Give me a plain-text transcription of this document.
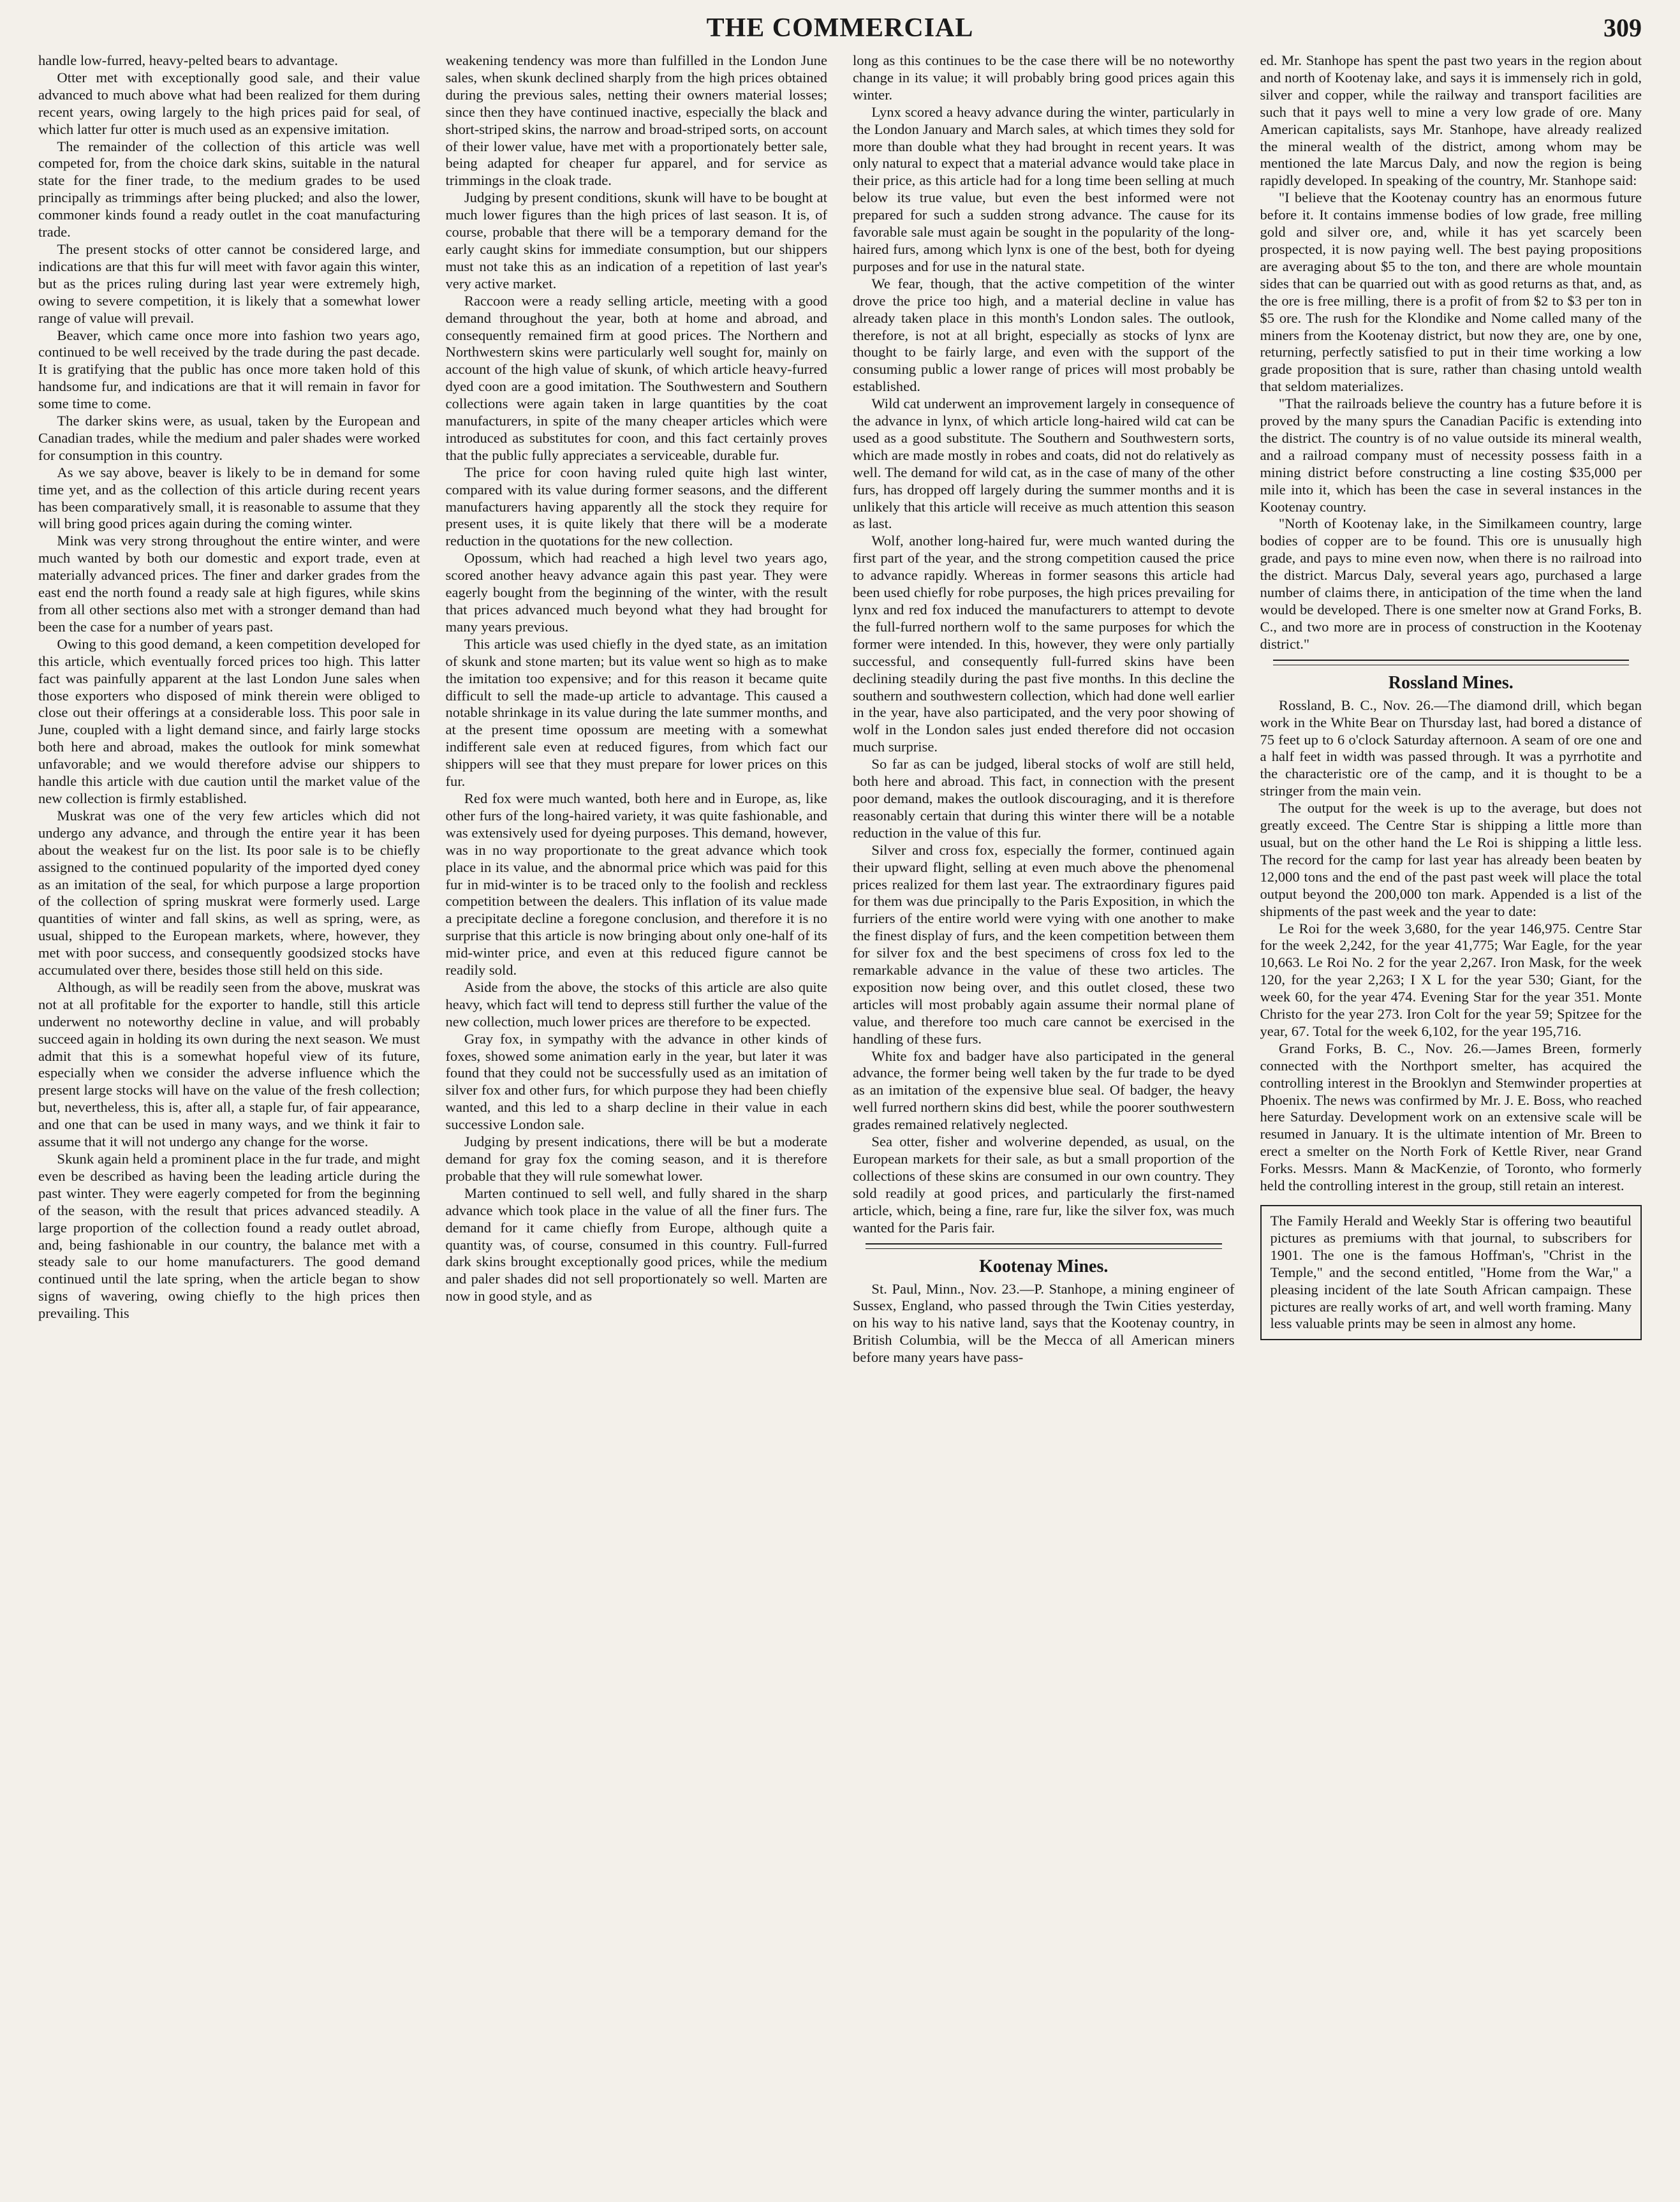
THE COMMERCIAL	309

handle low-furred, heavy-pelted bears to advantage.

Otter met with exceptionally good sale, and their value advanced to much above what had been realized for them during recent years, owing largely to the high prices paid for seal, of which latter fur otter is much used as an expensive imitation.

The remainder of the collection of this article was well competed for, from the choice dark skins, suitable in the natural state for the finer trade, to the medium grades to be used principally as trimmings after being plucked; and also the lower, commoner kinds found a ready outlet in the coat manufacturing trade.

The present stocks of otter cannot be considered large, and indications are that this fur will meet with favor again this winter, but as the prices ruling during last year were extremely high, owing to severe competition, it is likely that a somewhat lower range of value will prevail.

Beaver, which came once more into fashion two years ago, continued to be well received by the trade during the past decade. It is gratifying that the public has once more taken hold of this handsome fur, and indications are that it will remain in favor for some time to come.

The darker skins were, as usual, taken by the European and Canadian trades, while the medium and paler shades were worked for consumption in this country.

As we say above, beaver is likely to be in demand for some time yet, and as the collection of this article during recent years has been comparatively small, it is reasonable to assume that they will bring good prices again during the coming winter.

Mink was very strong throughout the entire winter, and were much wanted by both our domestic and export trade, even at materially advanced prices. The finer and darker grades from the east end the north found a ready sale at high figures, while skins from all other sections also met with a stronger demand than had been the case for a number of years past.

Owing to this good demand, a keen competition developed for this article, which eventually forced prices too high. This latter fact was painfully apparent at the last London June sales when those exporters who disposed of mink therein were obliged to close out their offerings at a considerable loss. This poor sale in June, coupled with a light demand since, and fairly large stocks both here and abroad, makes the outlook for mink somewhat unfavorable; and we would therefore advise our shippers to handle this article with due caution until the market value of the new collection is firmly established.

Muskrat was one of the very few articles which did not undergo any advance, and through the entire year it has been about the weakest fur on the list. Its poor sale is to be chiefly assigned to the continued popularity of the imported dyed coney as an imitation of the seal, for which purpose a large proportion of the collection of spring muskrat were formerly used. Large quantities of winter and fall skins, as well as spring, were, as usual, shipped to the European markets, where, however, they met with poor success, and consequently goodsized stocks have accumulated over there, besides those still held on this side.

Although, as will be readily seen from the above, muskrat was not at all profitable for the exporter to handle, still this article underwent no noteworthy decline in value, and will probably succeed again in holding its own during the next season. We must admit that this is a somewhat hopeful view of its future, especially when we consider the adverse influence which the present large stocks will have on the value of the fresh collection; but, nevertheless, this is, after all, a staple fur, of fair appearance, and one that can be used in many ways, and we think it fair to assume that it will not undergo any change for the worse.

Skunk again held a prominent place in the fur trade, and might even be described as having been the leading article during the past winter. They were eagerly competed for from the beginning of the season, with the result that prices advanced steadily. A large proportion of the collection found a ready outlet abroad, and, being fashionable in our country, the balance met with a steady sale to our home manufacturers. The good demand continued until the late spring, when the article began to show signs of wavering, owing chiefly to the high prices then prevailing. This

weakening tendency was more than fulfilled in the London June sales, when skunk declined sharply from the high prices obtained during the previous sales, netting their owners material losses; since then they have continued inactive, especially the black and short-striped skins, the narrow and broad-striped sorts, on account of their lower value, have met with a proportionately better sale, being adapted for cheaper fur apparel, and for service as trimmings in the cloak trade.

Judging by present conditions, skunk will have to be bought at much lower figures than the high prices of last season. It is, of course, probable that there will be a temporary demand for the early caught skins for immediate consumption, but our shippers must not take this as an indication of a repetition of last year's very active market.

Raccoon were a ready selling article, meeting with a good demand throughout the year, both at home and abroad, and consequently remained firm at good prices. The Northern and Northwestern skins were particularly well sought for, mainly on account of the high value of skunk, of which article heavy-furred dyed coon are a good imitation. The Southwestern and Southern collections were again taken in large quantities by the coat manufacturers, in spite of the many cheaper articles which were introduced as substitutes for coon, and this fact certainly proves that the public fully appreciates a serviceable, durable fur.

The price for coon having ruled quite high last winter, compared with its value during former seasons, and the different manufacturers having apparently all the stock they require for present uses, it is quite likely that there will be a moderate reduction in the quotations for the new collection.

Opossum, which had reached a high level two years ago, scored another heavy advance again this past year. They were eagerly bought from the beginning of the winter, with the result that prices advanced much beyond what they had brought for many years previous.

This article was used chiefly in the dyed state, as an imitation of skunk and stone marten; but its value went so high as to make the imitation too expensive; and for this reason it became quite difficult to sell the made-up article to advantage. This caused a notable shrinkage in its value during the late summer months, and at the present time opossum are meeting with a somewhat indifferent sale even at reduced figures, from which fact our shippers will see that they must prepare for lower prices on this fur.

Red fox were much wanted, both here and in Europe, as, like other furs of the long-haired variety, it was quite fashionable, and was extensively used for dyeing purposes. This demand, however, was in no way proportionate to the great advance which took place in its value, and the abnormal price which was paid for this fur in mid-winter is to be traced only to the foolish and reckless competition between the dealers. This inflation of its value made a precipitate decline a foregone conclusion, and therefore it is no surprise that this article is now bringing about only one-half of its mid-winter price, and even at this reduced figure cannot be readily sold.

Aside from the above, the stocks of this article are also quite heavy, which fact will tend to depress still further the value of the new collection, much lower prices are therefore to be expected.

Gray fox, in sympathy with the advance in other kinds of foxes, showed some animation early in the year, but later it was found that they could not be successfully used as an imitation of silver fox and other furs, for which purpose they had been chiefly wanted, and this led to a sharp decline in their value in each successive London sale.

Judging by present indications, there will be but a moderate demand for gray fox the coming season, and it is therefore probable that they will rule somewhat lower.

Marten continued to sell well, and fully shared in the sharp advance which took place in the value of all the finer furs. The demand for it came chiefly from Europe, although quite a quantity was, of course, consumed in this country. Full-furred dark skins brought exceptionally good prices, while the medium and paler shades did not sell proportionately so well. Marten are now in good style, and as

long as this continues to be the case there will be no noteworthy change in its value; it will probably bring good prices again this winter.

Lynx scored a heavy advance during the winter, particularly in the London January and March sales, at which times they sold for more than double what they had brought in recent years. It was only natural to expect that a material advance would take place in their price, as this article had for a long time been selling at much below its true value, but even the best informed were not prepared for such a sudden strong advance. The cause for its favorable sale must again be sought in the popularity of the long-haired furs, among which lynx is one of the best, both for dyeing purposes and for use in the natural state.

We fear, though, that the active competition of the winter drove the price too high, and a material decline in value has already taken place in this month's London sales. The outlook, therefore, is not at all bright, especially as stocks of lynx are thought to be fairly large, and even with the support of the consuming public a lower range of prices will most probably be established.

Wild cat underwent an improvement largely in consequence of the advance in lynx, of which article long-haired wild cat can be used as a good substitute. The Southern and Southwestern sorts, which are made mostly in robes and coats, did not do relatively as well. The demand for wild cat, as in the case of many of the other furs, has dropped off largely during the summer months and it is unlikely that this article will receive as much attention this season as last.

Wolf, another long-haired fur, were much wanted during the first part of the year, and the strong competition caused the price to advance rapidly. Whereas in former seasons this article had been used chiefly for robe purposes, the high prices prevailing for lynx and red fox induced the manufacturers to attempt to devote the full-furred northern wolf to the same purposes for which the former were intended. In this, however, they were only partially successful, and consequently full-furred skins have been declining steadily during the past five months. In this decline the southern and southwestern collection, which had done well earlier in the year, have also participated, and the very poor showing of wolf in the London sales just ended therefore did not occasion much surprise.

So far as can be judged, liberal stocks of wolf are still held, both here and abroad. This fact, in connection with the present poor demand, makes the outlook discouraging, and it is therefore reasonably certain that during this winter there will be a notable reduction in the value of this fur.

Silver and cross fox, especially the former, continued again their upward flight, selling at even much above the phenomenal prices realized for them last year. The extraordinary figures paid for them was due principally to the Paris Exposition, in which the furriers of the entire world were vying with one another to make the finest display of furs, and the keen competition between them for silver fox and the best specimens of cross fox led to the remarkable advance in the value of these two articles. The exposition now being over, and this outlet closed, these two articles will most probably again assume their normal plane of value, and therefore too much care cannot be exercised in the handling of these furs.

White fox and badger have also participated in the general advance, the former being well taken by the fur trade to be dyed as an imitation of the expensive blue seal. Of badger, the heavy well furred northern skins did best, while the poorer southwestern grades remained relatively neglected.

Sea otter, fisher and wolverine depended, as usual, on the European markets for their sale, as but a small proportion of the collections of these skins are consumed in our own country. They sold readily at good prices, and particularly the first-named article, which, being a fine, rare fur, like the silver fox, was much wanted for the Paris fair.

Kootenay Mines.

St. Paul, Minn., Nov. 23.—P. Stanhope, a mining engineer of Sussex, England, who passed through the Twin Cities yesterday, on his way to his native land, says that the Kootenay country, in British Columbia, will be the Mecca of all American miners before many years have pass-

ed. Mr. Stanhope has spent the past two years in the region about and north of Kootenay lake, and says it is immensely rich in gold, silver and copper, while the railway and transport facilities are such that it pays well to mine a very low grade of ore. Many American capitalists, says Mr. Stanhope, have already realized the mineral wealth of the district, among whom may be mentioned the late Marcus Daly, and now the region is being rapidly developed. In speaking of the country, Mr. Stanhope said:

"I believe that the Kootenay country has an enormous future before it. It contains immense bodies of low grade, free milling gold and silver ore, and, while it has yet scarcely been prospected, it is now paying well. The best paying propositions are averaging about $5 to the ton, and there are whole mountain sides that can be quarried out with as good returns as that, and, as the ore is free milling, there is a profit of from $2 to $3 per ton in $5 ore. The rush for the Klondike and Nome called many of the miners from the Kootenay district, but now they are, one by one, returning, perfectly satisfied to put in their time working a low grade proposition that is sure, rather than chasing untold wealth that seldom materializes.

"That the railroads believe the country has a future before it is proved by the many spurs the Canadian Pacific is extending into the district. The country is of no value outside its mineral wealth, and a railroad company must of necessity possess faith in a mining district before constructing a line costing $35,000 per mile into it, which has been the case in several instances in the Kootenay country.

"North of Kootenay lake, in the Similkameen country, large bodies of copper are to be found. This ore is unusually high grade, and pays to mine even now, when there is no railroad into the district. Marcus Daly, several years ago, purchased a large number of claims there, in anticipation of the time when the land would be developed. There is one smelter now at Grand Forks, B. C., and two more are in process of construction in the Kootenay district."

Rossland Mines.

Rossland, B. C., Nov. 26.—The diamond drill, which began work in the White Bear on Thursday last, had bored a distance of 75 feet up to 6 o'clock Saturday afternoon. A seam of ore one and a half feet in width was passed through. It was a pyrrhotite and the characteristic ore of the camp, and it is thought to be a stringer from the main vein.

The output for the week is up to the average, but does not greatly exceed. The Centre Star is shipping a little more than usual, but on the other hand the Le Roi is shipping a little less. The record for the camp for last year has already been beaten by 12,000 tons and the end of the past past week will place the total output beyond the 200,000 ton mark. Appended is a list of the shipments of the past week and the year to date:

Le Roi for the week 3,680, for the year 146,975. Centre Star for the week 2,242, for the year 41,775; War Eagle, for the year 10,663. Le Roi No. 2 for the year 2,267. Iron Mask, for the week 120, for the year 2,263; I X L for the year 530; Giant, for the week 60, for the year 474. Evening Star for the year 351. Monte Christo for the year 273. Iron Colt for the year 59; Spitzee for the year, 67. Total for the week 6,102, for the year 195,716.

Grand Forks, B. C., Nov. 26.—James Breen, formerly connected with the Northport smelter, has acquired the controlling interest in the Brooklyn and Stemwinder properties at Phoenix. The news was confirmed by Mr. J. E. Boss, who reached here Saturday. Development work on an extensive scale will be resumed in January. It is the ultimate intention of Mr. Breen to erect a smelter on the North Fork of Kettle River, near Grand Forks. Messrs. Mann & MacKenzie, of Toronto, who formerly held the controlling interest in the group, still retain an interest.

The Family Herald and Weekly Star is offering two beautiful pictures as premiums with that journal, to subscribers for 1901. The one is the famous Hoffman's, "Christ in the Temple," and the second entitled, "Home from the War," a pleasing incident of the late South African campaign. These pictures are really works of art, and well worth framing. Many less valuable prints may be seen in almost any home.
